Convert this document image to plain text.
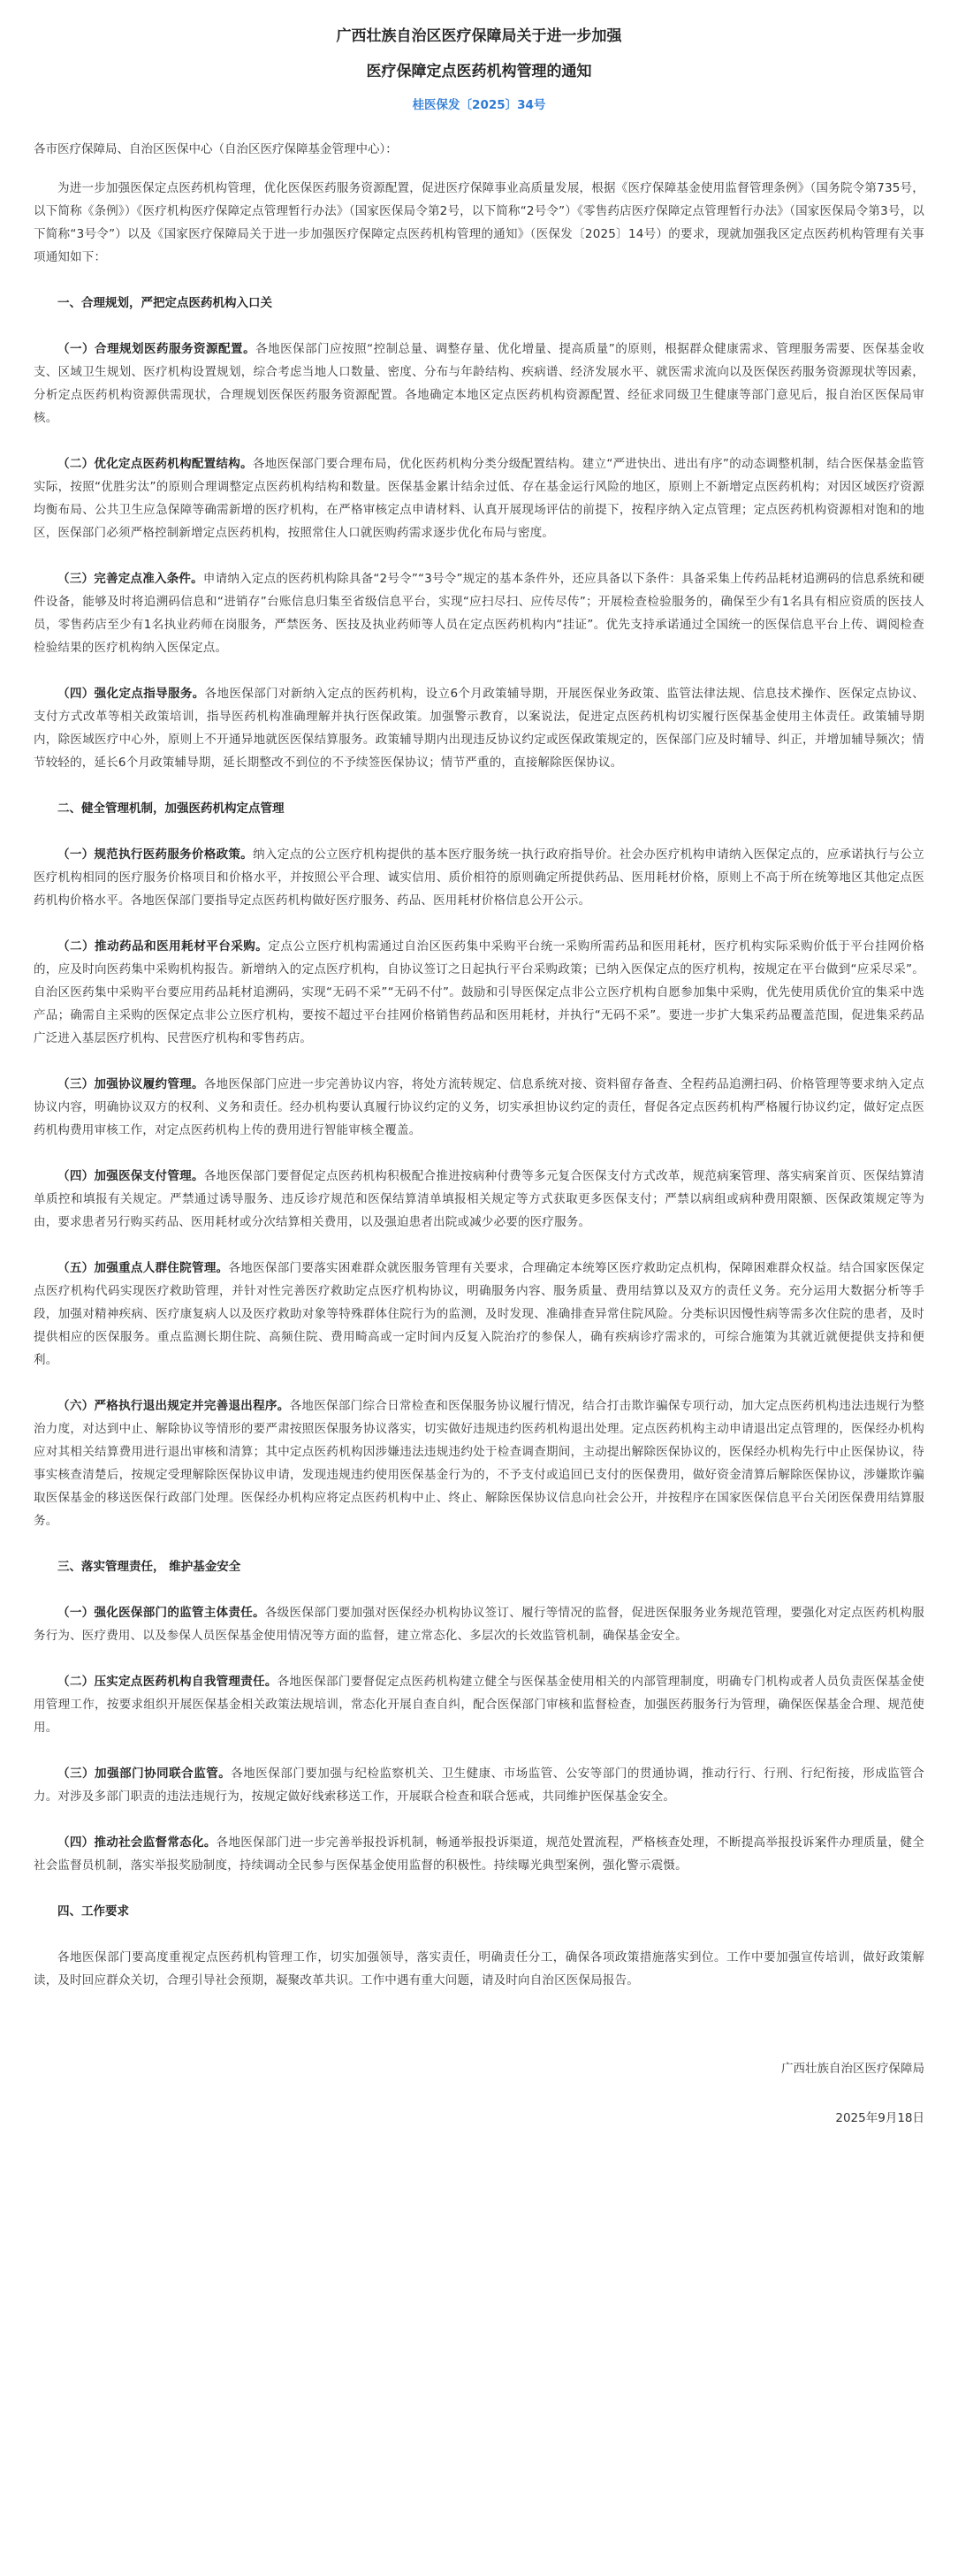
广西壮族自治区医疗保障局关于进一步加强
医疗保障定点医药机构管理的通知
桂医保发〔2025〕34号
各市医疗保障局、自治区医保中心（自治区医疗保障基金管理中心）：

为进一步加强医保定点医药机构管理，优化医保医药服务资源配置，促进医疗保障事业高质量发展，根据《医疗保障基金使用监督管理条例》（国务院令第735号，以下简称《条例》）《医疗机构医疗保障定点管理暂行办法》（国家医保局令第2号，以下简称“2号令”）《零售药店医疗保障定点管理暂行办法》（国家医保局令第3号，以下简称“3号令”）以及《国家医疗保障局关于进一步加强医疗保障定点医药机构管理的通知》（医保发〔2025〕14号）的要求，现就加强我区定点医药机构管理有关事项通知如下：

一、合理规划，严把定点医药机构入口关

（一）合理规划医药服务资源配置。各地医保部门应按照“控制总量、调整存量、优化增量、提高质量”的原则，根据群众健康需求、管理服务需要、医保基金收支、区域卫生规划、医疗机构设置规划，综合考虑当地人口数量、密度、分布与年龄结构、疾病谱、经济发展水平、就医需求流向以及医保医药服务资源现状等因素，分析定点医药机构资源供需现状，合理规划医保医药服务资源配置。各地确定本地区定点医药机构资源配置、经征求同级卫生健康等部门意见后，报自治区医保局审核。

（二）优化定点医药机构配置结构。各地医保部门要合理布局，优化医药机构分类分级配置结构。建立“严进快出、进出有序”的动态调整机制，结合医保基金监管实际，按照“优胜劣汰”的原则合理调整定点医药机构结构和数量。医保基金累计结余过低、存在基金运行风险的地区，原则上不新增定点医药机构；对因区域医疗资源均衡布局、公共卫生应急保障等确需新增的医疗机构，在严格审核定点申请材料、认真开展现场评估的前提下，按程序纳入定点管理；定点医药机构资源相对饱和的地区，医保部门必须严格控制新增定点医药机构，按照常住人口就医购药需求逐步优化布局与密度。

（三）完善定点准入条件。申请纳入定点的医药机构除具备“2号令”“3号令”规定的基本条件外，还应具备以下条件：具备采集上传药品耗材追溯码的信息系统和硬件设备，能够及时将追溯码信息和“进销存”台账信息归集至省级信息平台，实现“应扫尽扫、应传尽传”；开展检查检验服务的，确保至少有1名具有相应资质的医技人员，零售药店至少有1名执业药师在岗服务，严禁医务、医技及执业药师等人员在定点医药机构内“挂证”。优先支持承诺通过全国统一的医保信息平台上传、调阅检查检验结果的医疗机构纳入医保定点。

（四）强化定点指导服务。各地医保部门对新纳入定点的医药机构，设立6个月政策辅导期，开展医保业务政策、监管法律法规、信息技术操作、医保定点协议、支付方式改革等相关政策培训，指导医药机构准确理解并执行医保政策。加强警示教育，以案说法，促进定点医药机构切实履行医保基金使用主体责任。政策辅导期内，除医域医疗中心外，原则上不开通异地就医医保结算服务。政策辅导期内出现违反协议约定或医保政策规定的，医保部门应及时辅导、纠正，并增加辅导频次；情节较轻的，延长6个月政策辅导期，延长期整改不到位的不予续签医保协议；情节严重的，直接解除医保协议。

二、健全管理机制，加强医药机构定点管理

（一）规范执行医药服务价格政策。纳入定点的公立医疗机构提供的基本医疗服务统一执行政府指导价。社会办医疗机构申请纳入医保定点的，应承诺执行与公立医疗机构相同的医疗服务价格项目和价格水平，并按照公平合理、诚实信用、质价相符的原则确定所提供药品、医用耗材价格，原则上不高于所在统筹地区其他定点医药机构价格水平。各地医保部门要指导定点医药机构做好医疗服务、药品、医用耗材价格信息公开公示。

（二）推动药品和医用耗材平台采购。定点公立医疗机构需通过自治区医药集中采购平台统一采购所需药品和医用耗材，医疗机构实际采购价低于平台挂网价格的，应及时向医药集中采购机构报告。新增纳入的定点医疗机构，自协议签订之日起执行平台采购政策；已纳入医保定点的医疗机构，按规定在平台做到“应采尽采”。自治区医药集中采购平台要应用药品耗材追溯码，实现“无码不采”“无码不付”。鼓励和引导医保定点非公立医疗机构自愿参加集中采购，优先使用质优价宜的集采中选产品；确需自主采购的医保定点非公立医疗机构，要按不超过平台挂网价格销售药品和医用耗材，并执行“无码不采”。要进一步扩大集采药品覆盖范围，促进集采药品广泛进入基层医疗机构、民营医疗机构和零售药店。

（三）加强协议履约管理。各地医保部门应进一步完善协议内容，将处方流转规定、信息系统对接、资料留存备查、全程药品追溯扫码、价格管理等要求纳入定点协议内容，明确协议双方的权利、义务和责任。经办机构要认真履行协议约定的义务，切实承担协议约定的责任，督促各定点医药机构严格履行协议约定，做好定点医药机构费用审核工作，对定点医药机构上传的费用进行智能审核全覆盖。

（四）加强医保支付管理。各地医保部门要督促定点医药机构积极配合推进按病种付费等多元复合医保支付方式改革，规范病案管理、落实病案首页、医保结算清单质控和填报有关规定。严禁通过诱导服务、违反诊疗规范和医保结算清单填报相关规定等方式获取更多医保支付；严禁以病组或病种费用限额、医保政策规定等为由，要求患者另行购买药品、医用耗材或分次结算相关费用，以及强迫患者出院或减少必要的医疗服务。

（五）加强重点人群住院管理。各地医保部门要落实困难群众就医服务管理有关要求，合理确定本统筹区医疗救助定点机构，保障困难群众权益。结合国家医保定点医疗机构代码实现医疗救助管理，并针对性完善医疗救助定点医疗机构协议，明确服务内容、服务质量、费用结算以及双方的责任义务。充分运用大数据分析等手段，加强对精神疾病、医疗康复病人以及医疗救助对象等特殊群体住院行为的监测，及时发现、准确排查异常住院风险。分类标识因慢性病等需多次住院的患者，及时提供相应的医保服务。重点监测长期住院、高频住院、费用畸高或一定时间内反复入院治疗的参保人，确有疾病诊疗需求的，可综合施策为其就近就便提供支持和便利。

（六）严格执行退出规定并完善退出程序。各地医保部门综合日常检查和医保服务协议履行情况，结合打击欺诈骗保专项行动，加大定点医药机构违法违规行为整治力度，对达到中止、解除协议等情形的要严肃按照医保服务协议落实，切实做好违规违约医药机构退出处理。定点医药机构主动申请退出定点管理的，医保经办机构应对其相关结算费用进行退出审核和清算；其中定点医药机构因涉嫌违法违规违约处于检查调查期间，主动提出解除医保协议的，医保经办机构先行中止医保协议，待事实核查清楚后，按规定受理解除医保协议申请，发现违规违约使用医保基金行为的，不予支付或追回已支付的医保费用，做好资金清算后解除医保协议，涉嫌欺诈骗取医保基金的移送医保行政部门处理。医保经办机构应将定点医药机构中止、终止、解除医保协议信息向社会公开，并按程序在国家医保信息平台关闭医保费用结算服务。

三、落实管理责任， 维护基金安全

（一）强化医保部门的监管主体责任。各级医保部门要加强对医保经办机构协议签订、履行等情况的监督，促进医保服务业务规范管理，要强化对定点医药机构服务行为、医疗费用、以及参保人员医保基金使用情况等方面的监督，建立常态化、多层次的长效监管机制，确保基金安全。

（二）压实定点医药机构自我管理责任。各地医保部门要督促定点医药机构建立健全与医保基金使用相关的内部管理制度，明确专门机构或者人员负责医保基金使用管理工作，按要求组织开展医保基金相关政策法规培训，常态化开展自查自纠，配合医保部门审核和监督检查，加强医药服务行为管理，确保医保基金合理、规范使用。

（三）加强部门协同联合监管。各地医保部门要加强与纪检监察机关、卫生健康、市场监管、公安等部门的贯通协调，推动行行、行刑、行纪衔接，形成监管合力。对涉及多部门职责的违法违规行为，按规定做好线索移送工作，开展联合检查和联合惩戒，共同维护医保基金安全。

（四）推动社会监督常态化。各地医保部门进一步完善举报投诉机制，畅通举报投诉渠道，规范处置流程，严格核查处理，不断提高举报投诉案件办理质量，健全社会监督员机制，落实举报奖励制度，持续调动全民参与医保基金使用监督的积极性。持续曝光典型案例，强化警示震慑。

四、工作要求

各地医保部门要高度重视定点医药机构管理工作，切实加强领导，落实责任，明确责任分工，确保各项政策措施落实到位。工作中要加强宣传培训，做好政策解读，及时回应群众关切，合理引导社会预期，凝聚改革共识。工作中遇有重大问题，请及时向自治区医保局报告。

广西壮族自治区医疗保障局
2025年9月18日
